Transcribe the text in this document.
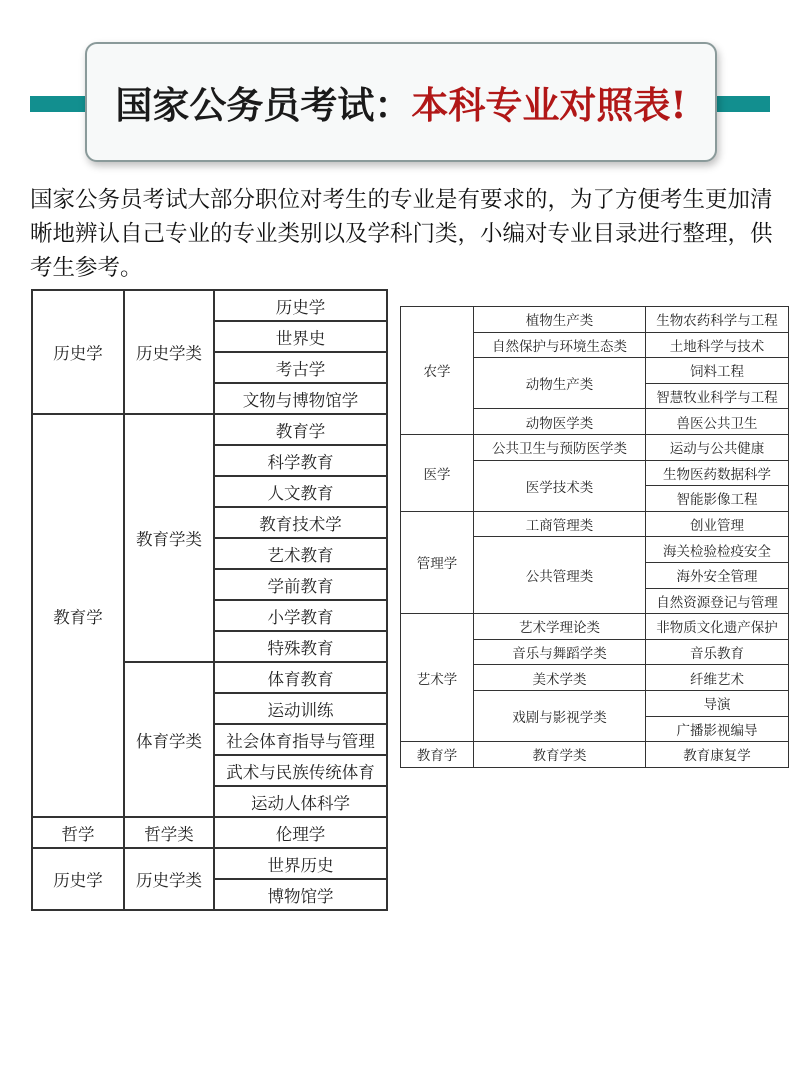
国家公务员考试： 本科专业对照表!

国家公务员考试大部分职位对考生的专业是有要求的，为了方便考生更加清晰地辨认自己专业的专业类别以及学科门类，小编对专业目录进行整理，供考生参考。

历史学	历史学类	历史学
		世界史
		考古学
		文物与博物馆学
教育学	教育学类	教育学
		科学教育
		人文教育
		教育技术学
		艺术教育
		学前教育
		小学教育
		特殊教育
	体育学类	体育教育
		运动训练
		社会体育指导与管理
		武术与民族传统体育
		运动人体科学
哲学	哲学类	伦理学
历史学	历史学类	世界历史
		博物馆学
农学	植物生产类	生物农药科学与工程
	自然保护与环境生态类	土地科学与技术
	动物生产类	饲料工程
		智慧牧业科学与工程
	动物医学类	兽医公共卫生
医学	公共卫生与预防医学类	运动与公共健康
	医学技术类	生物医药数据科学
		智能影像工程
管理学	工商管理类	创业管理
	公共管理类	海关检验检疫安全
		海外安全管理
		自然资源登记与管理
艺术学	艺术学理论类	非物质文化遗产保护
	音乐与舞蹈学类	音乐教育
	美术学类	纤维艺术
	戏剧与影视学类	导演
		广播影视编导
教育学	教育学类	教育康复学
